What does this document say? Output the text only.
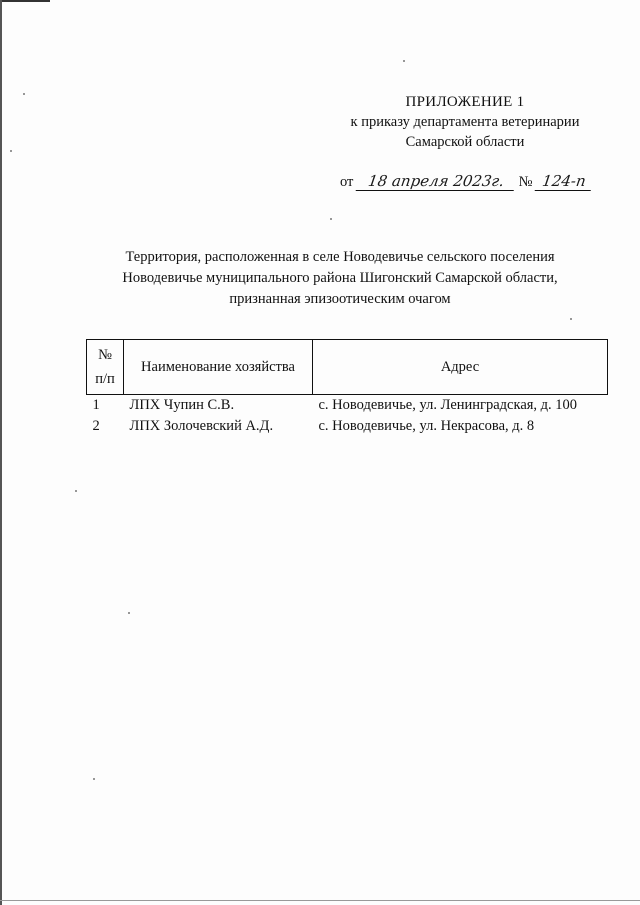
ПРИЛОЖЕНИЕ 1
к приказу департамента ветеринарии
Самарской области
от 18 апреля 2023г. № 124-п
Территория, расположенная в селе Новодевичье сельского поселения
Новодевичье муниципального района Шигонский Самарской области,
признанная эпизоотическим очагом
№
п/п	Наименование хозяйства	Адрес
1	ЛПХ Чупин С.В.	с. Новодевичье, ул. Ленинградская, д. 100
2	ЛПХ Золочевский А.Д.	с. Новодевичье, ул. Некрасова, д. 8
